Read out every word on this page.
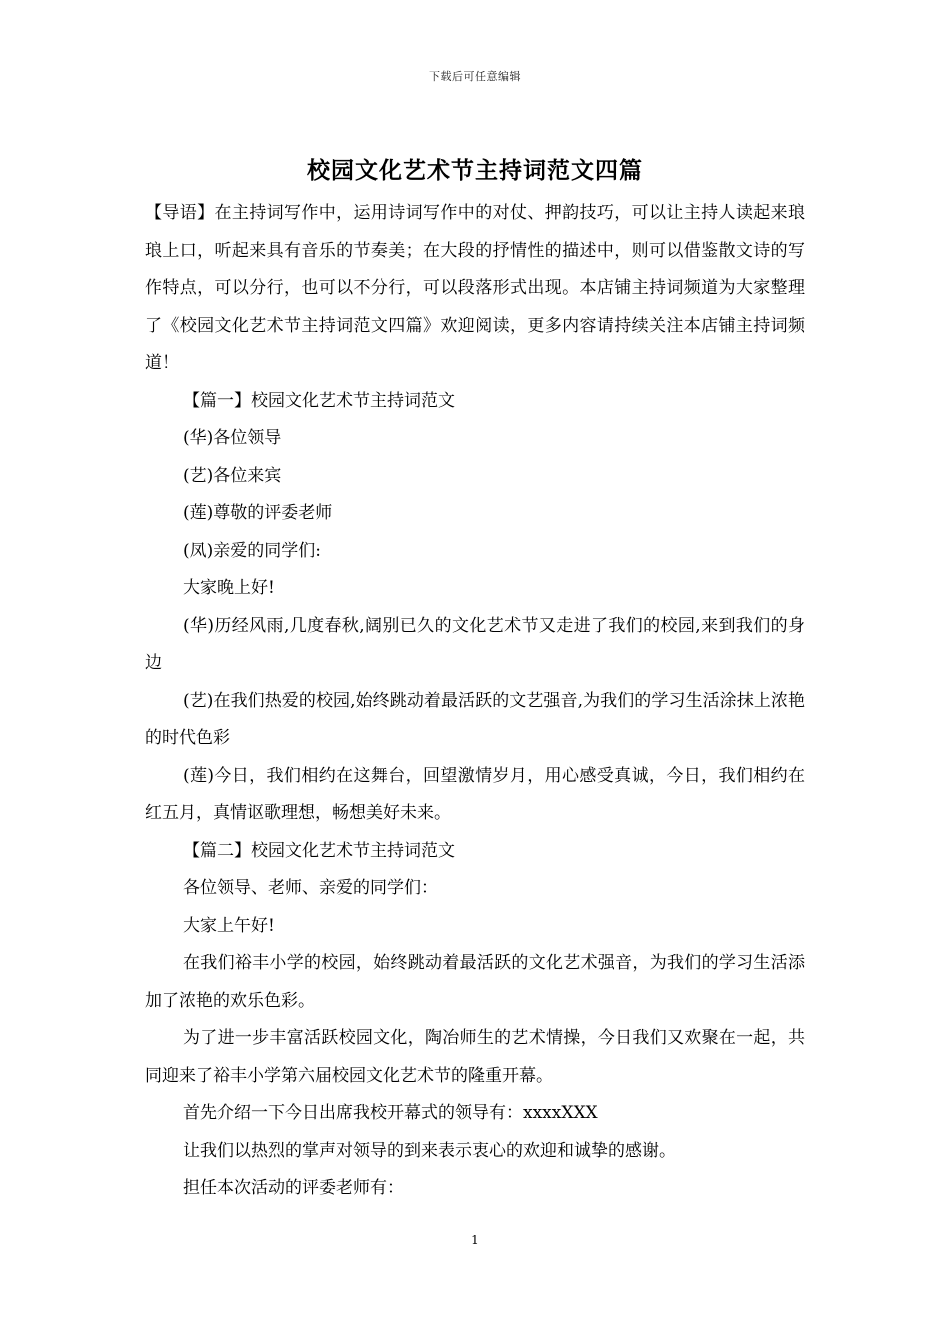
下载后可任意编辑
校园文化艺术节主持词范文四篇

【导语】在主持词写作中，运用诗词写作中的对仗、押韵技巧，可以让主持人读起来琅琅上口，听起来具有音乐的节奏美；在大段的抒情性的描述中，则可以借鉴散文诗的写作特点，可以分行，也可以不分行，可以段落形式出现。本店铺主持词频道为大家整理了《校园文化艺术节主持词范文四篇》欢迎阅读，更多内容请持续关注本店铺主持词频道！

【篇一】校园文化艺术节主持词范文

(华)各位领导

(艺)各位来宾

(莲)尊敬的评委老师

(凤)亲爱的同学们:

大家晚上好!

(华)历经风雨,几度春秋,阔别已久的文化艺术节又走进了我们的校园,来到我们的身边

(艺)在我们热爱的校园,始终跳动着最活跃的文艺强音,为我们的学习生活涂抹上浓艳的时代色彩

(莲)今日，我们相约在这舞台，回望激情岁月，用心感受真诚，今日，我们相约在红五月，真情讴歌理想，畅想美好未来。

【篇二】校园文化艺术节主持词范文

各位领导、老师、亲爱的同学们：

大家上午好!

在我们裕丰小学的校园，始终跳动着最活跃的文化艺术强音，为我们的学习生活添加了浓艳的欢乐色彩。

为了进一步丰富活跃校园文化，陶冶师生的艺术情操，今日我们又欢聚在一起，共同迎来了裕丰小学第六届校园文化艺术节的隆重开幕。

首先介绍一下今日出席我校开幕式的领导有：xxxxXXX

让我们以热烈的掌声对领导的到来表示衷心的欢迎和诚挚的感谢。

担任本次活动的评委老师有：

1
